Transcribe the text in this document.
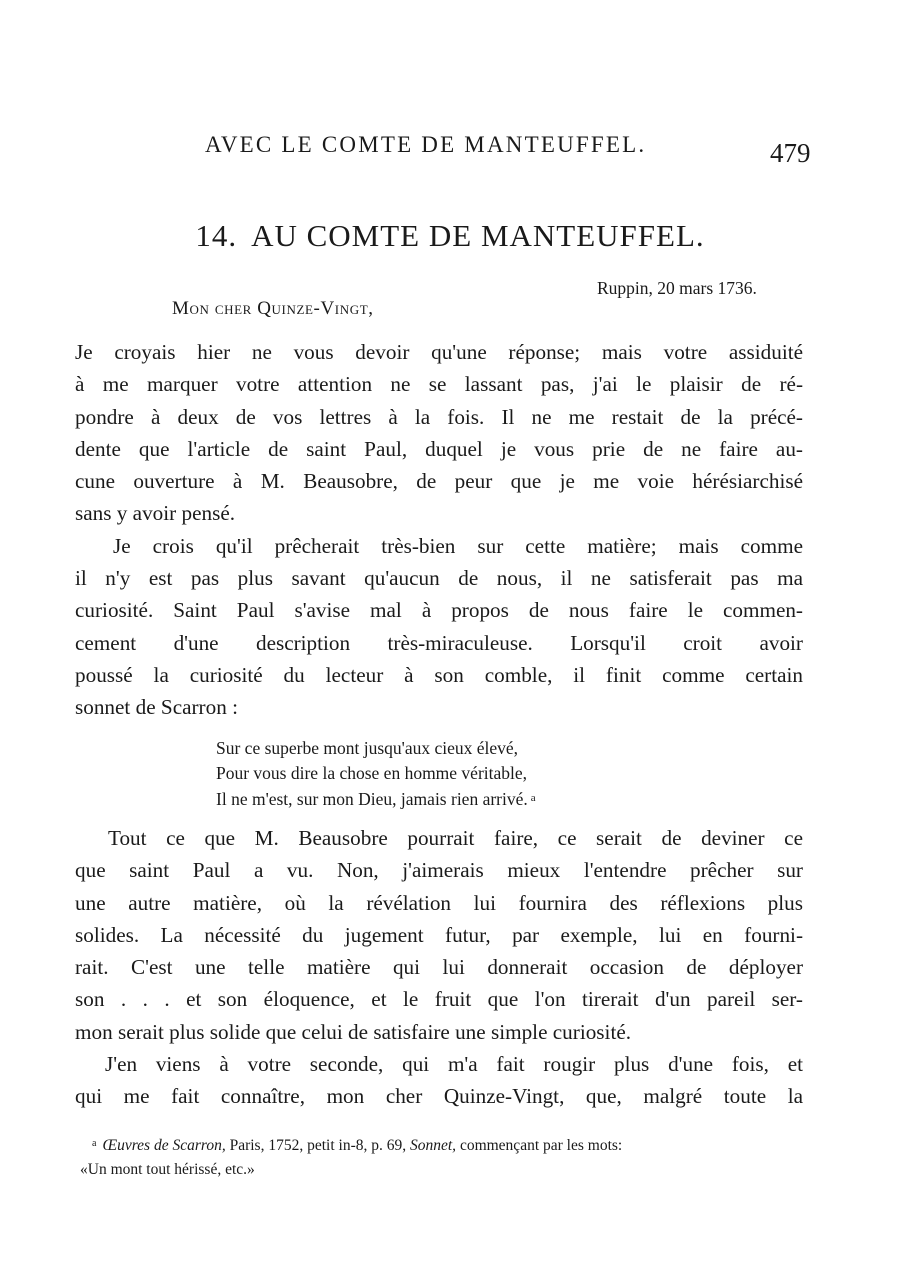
AVEC LE COMTE DE MANTEUFFEL.	479
14. AU COMTE DE MANTEUFFEL.
Ruppin, 20 mars 1736.
Mon cher Quinze-Vingt,

Je croyais hier ne vous devoir qu'une réponse; mais votre assiduité
à me marquer votre attention ne se lassant pas, j'ai le plaisir de ré-
pondre à deux de vos lettres à la fois. Il ne me restait de la précé-
dente que l'article de saint Paul, duquel je vous prie de ne faire au-
cune ouverture à M. Beausobre, de peur que je me voie hérésiarchisé
sans y avoir pensé.

Je crois qu'il prêcherait très-bien sur cette matière; mais comme

il n'y est pas plus savant qu'aucun de nous, il ne satisferait pas ma
curiosité. Saint Paul s'avise mal à propos de nous faire le commen-
cement d'une description très-miraculeuse. Lorsqu'il croit avoir
poussé la curiosité du lecteur à son comble, il finit comme certain
sonnet de Scarron :

Sur ce superbe mont jusqu'aux cieux élevé,
Pour vous dire la chose en homme véritable,
Il ne m'est, sur mon Dieu, jamais rien arrivé. $^a$

Tout ce que M. Beausobre pourrait faire, ce serait de deviner ce

que saint Paul a vu. Non, j'aimerais mieux l'entendre prêcher sur
une autre matière, où la révélation lui fournira des réflexions plus
solides. La nécessité du jugement futur, par exemple, lui en fourni-
rait. C'est une telle matière qui lui donnerait occasion de déployer
son . . . et son éloquence, et le fruit que l'on tirerait d'un pareil ser-
mon serait plus solide que celui de satisfaire une simple curiosité.

J'en viens à votre seconde, qui m'a fait rougir plus d'une fois, et

qui me fait connaître, mon cher Quinze-Vingt, que, malgré toute la

$^a$ Œuvres de Scarron, Paris, 1752, petit in-8, p. 69, Sonnet, commençant par les mots:
«Un mont tout hérissé, etc.»
